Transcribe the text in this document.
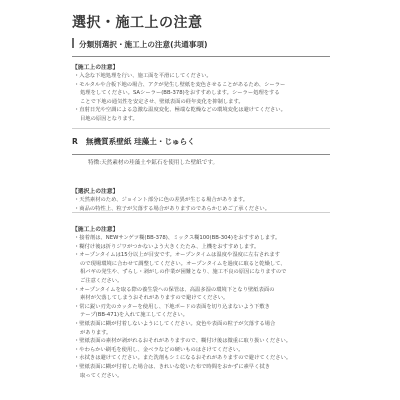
選択・施工上の注意
分類別選択・施工上の注意(共通事項)
【施工上の注意】
・入念な下地処理を行い、施工面を平滑にしてください。
・モルタルや合板下地の場合、アクが発生し壁紙を変色させることがあるため、シーラー
処理をしてください。SAシーラー(BB-378)をおすすめします。シーラー処理をする
ことで下地の通気性を安定させ、壁紙表面の経年変化を抑制します。
・直射日光や空調による急激な温度変化、極端な乾燥などの環境変化は避けてください。
目地の原因となります。
R 無機質系壁紙 珪藻土・じゅらく
特徴:天然素材の珪藻土や鉱石を使用した壁紙です。
【選択上の注意】
・天然素材のため、ジョイント部分に色の差異が生じる場合があります。
・商品の特性上、粒子が欠落する場合がありますのであらかじめご了承ください。
【施工上の注意】
・接着剤は、NEWサンゲツ糊(BB-378)、ミックス糊100(BB-304)をおすすめします。
・糊付け後は折りジワがつかないよう大きくたたみ、上機をおすすめします。
・オープンタイムは15分以上が目安です。オープンタイムは温度や湿度に左右されます
ので現場環境に合わせて調整してください。オープンタイムを過度に取ると乾燥して、
相バギの発生や、ずらし・剥がしの作業が困難となり、施工不良の原因になりますので
ご注意ください。
・オープンタイムを取る際の養生袋への保管は、高温多湿の環境下となり壁紙表面の
素材が欠落してしまうおそれがありますので避けてください。
・常に鋭い刃先のカッターを使用し、下地ボードの表面を切り込まないよう下敷き
テープ(BB-471)を入れて施工してください。
・壁紙表面に糊が付着しないようにしてください。変色や表面の粒子が欠落する場合
があります。
・壁紙表面の素材が剥がれるおそれがありますので、糊付け後は微重に取り扱いください。
・やわらかい刷毛を使用し、金ベラなどの硬いものはさけてください。
・水拭きは避けてください。また洗剤もシミになるおそれがありますので避けてください。
・壁紙表面に糊が付着した場合は、きれいな乾いた布で時間をおかずに素早く拭き
取ってください。
